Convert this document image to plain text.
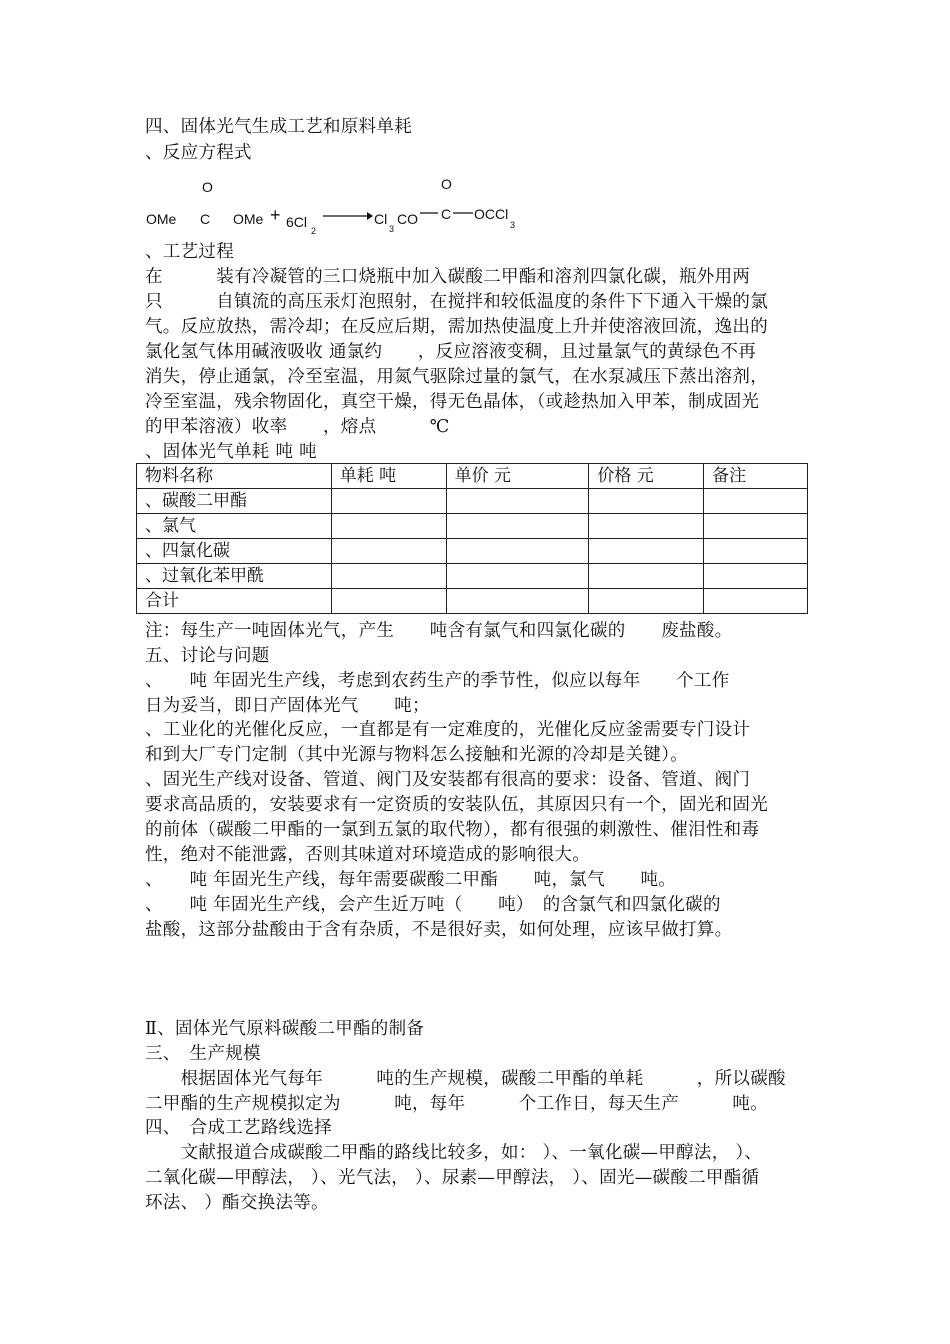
四、固体光气生成工艺和原料单耗
、反应方程式
O
OMe C OMe + 6Cl
2
→ Cl
3
CO
O
C OCCl
3
、工艺过程
在　　　装有冷凝管的三口烧瓶中加入碳酸二甲酯和溶剂四氯化碳，瓶外用两
只　　　自镇流的高压汞灯泡照射，在搅拌和较低温度的条件下下通入干燥的氯
气。反应放热，需冷却；在反应后期，需加热使温度上升并使溶液回流，逸出的
氯化氢气体用碱液吸收 通氯约　　，反应溶液变稠，且过量氯气的黄绿色不再
消失，停止通氯，冷至室温，用氮气驱除过量的氯气，在水泵减压下蒸出溶剂，
冷至室温，残余物固化，真空干燥，得无色晶体，（或趁热加入甲苯，制成固光
的甲苯溶液）收率　　，熔点　　　℃
、固体光气单耗 吨 吨
物料名称	单耗 吨	单价 元	价格 元	备注
、碳酸二甲酯				
、氯气				
、四氯化碳				
、过氧化苯甲酰				
合计				
注：每生产一吨固体光气，产生　　吨含有氯气和四氯化碳的　　废盐酸。
五、讨论与问题
、　　吨 年固光生产线，考虑到农药生产的季节性，似应以每年　　个工作
日为妥当，即日产固体光气　　吨；
、工业化的光催化反应，一直都是有一定难度的，光催化反应釜需要专门设计
和到大厂专门定制（其中光源与物料怎么接触和光源的冷却是关键）。
、固光生产线对设备、管道、阀门及安装都有很高的要求：设备、管道、阀门
要求高品质的，安装要求有一定资质的安装队伍，其原因只有一个，固光和固光
的前体（碳酸二甲酯的一氯到五氯的取代物），都有很强的刺激性、催泪性和毒
性，绝对不能泄露，否则其味道对环境造成的影响很大。
、　　吨 年固光生产线，每年需要碳酸二甲酯　　吨，氯气　　吨。
、　　吨 年固光生产线，会产生近万吨（　　吨）　的含氯气和四氯化碳的
盐酸，这部分盐酸由于含有杂质，不是很好卖，如何处理，应该早做打算。
Ⅱ、固体光气原料碳酸二甲酯的制备
三、　生产规模
　　根据固体光气每年　　　吨的生产规模，碳酸二甲酯的单耗　　　，所以碳酸
二甲酯的生产规模拟定为　　　吨，每年　　　个工作日，每天生产　　　吨。
四、　合成工艺路线选择
　　文献报道合成碳酸二甲酯的路线比较多，如： ）、一氧化碳—甲醇法， ）、
二氧化碳—甲醇法， ）、光气法， ）、尿素—甲醇法， ）、固光—碳酸二甲酯循
环法、 ）酯交换法等。
